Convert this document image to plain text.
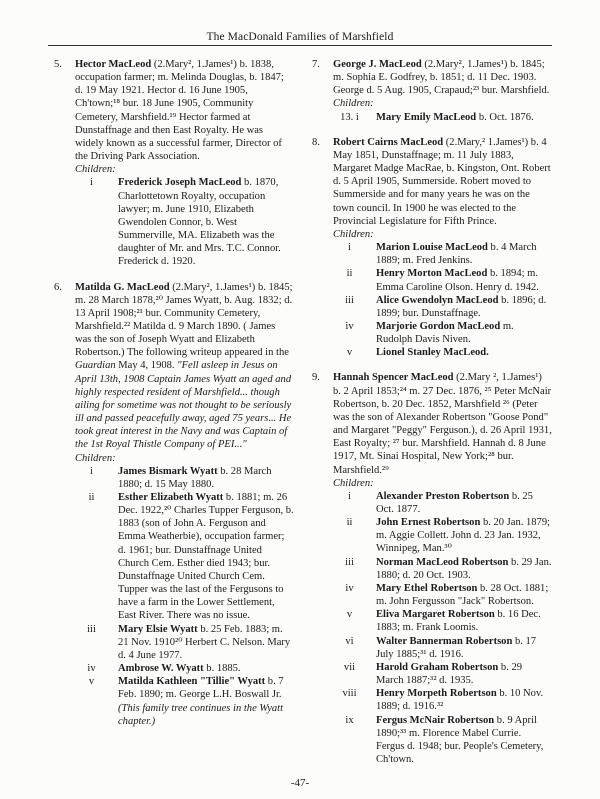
The MacDonald Families of Marshfield
5. Hector MacLeod (2.Mary², 1.James¹) b. 1838, occupation farmer; m. Melinda Douglas, b. 1847; d. 19 May 1921. Hector d. 16 June 1905, Ch'town;¹⁸ bur. 18 June 1905, Community Cemetery, Marshfield.¹⁹ Hector farmed at Dunstaffnage and then East Royalty. He was widely known as a successful farmer, Director of the Driving Park Association.

Children:

i	Frederick Joseph MacLeod b. 1870, Charlottetown Royalty, occupation lawyer; m. June 1910, Elizabeth Gwendolen Connor, b. West Summerville, MA. Elizabeth was the daughter of Mr. and Mrs. T.C. Connor. Frederick d. 1920.
6. Matilda G. MacLeod (2.Mary², 1.James¹) b. 1845; m. 28 March 1878,²⁰ James Wyatt, b. Aug. 1832; d. 13 April 1908;²¹ bur. Community Cemetery, Marshfield.²² Matilda d. 9 March 1890. ( James was the son of Joseph Wyatt and Elizabeth Robertson.) The following writeup appeared in the Guardian May 4, 1908. "Fell asleep in Jesus on April 13th, 1908 Captain James Wyatt an aged and highly respected resident of Marshfield... though ailing for sometime was not thought to be seriously ill and passed peacefully away, aged 75 years... He took great interest in the Navy and was Captain of the 1st Royal Thistle Company of PEI..."

Children:

i	James Bismark Wyatt b. 28 March 1880; d. 15 May 1880.
ii	Esther Elizabeth Wyatt b. 1881; m. 26 Dec. 1922,²⁰ Charles Tupper Ferguson, b. 1883 (son of John A. Ferguson and Emma Weatherbie), occupation farmer; d. 1961; bur. Dunstaffnage United Church Cem. Esther died 1943; bur. Dunstaffnage United Church Cem. Tupper was the last of the Fergusons to have a farm in the Lower Settlement, East River. There was no issue.
iii	Mary Elsie Wyatt b. 25 Feb. 1883; m. 21 Nov. 1910²⁰ Herbert C. Nelson. Mary d. 4 June 1977.
iv	Ambrose W. Wyatt b. 1885.
v	Matilda Kathleen "Tillie" Wyatt b. 7 Feb. 1890; m. George L.H. Boswall Jr. (This family tree continues in the Wyatt chapter.)
7. George J. MacLeod (2.Mary², 1.James¹) b. 1845; m. Sophia E. Godfrey, b. 1851; d. 11 Dec. 1903. George d. 5 Aug. 1905, Crapaud;²³ bur. Marshfield.

Children:

13. i	Mary Emily MacLeod b. Oct. 1876.
8. Robert Cairns MacLeod (2.Mary,² 1.James¹) b. 4 May 1851, Dunstaffnage; m. 11 July 1883, Margaret Madge MacRae, b. Kingston, Ont. Robert d. 5 April 1905, Summerside. Robert moved to Summerside and for many years he was on the town council. In 1900 he was elected to the Provincial Legislature for Fifth Prince.

Children:

i	Marion Louise MacLeod b. 4 March 1889; m. Fred Jenkins.
ii	Henry Morton MacLeod b. 1894; m. Emma Caroline Olson. Henry d. 1942.
iii	Alice Gwendolyn MacLeod b. 1896; d. 1899; bur. Dunstaffnage.
iv	Marjorie Gordon MacLeod m. Rudolph Davis Niven.
v	Lionel Stanley MacLeod.
9. Hannah Spencer MacLeod (2.Mary ², 1.James¹) b. 2 April 1853;²⁴ m. 27 Dec. 1876, ²⁵ Peter McNair Robertson, b. 20 Dec. 1852, Marshfield ²⁶ (Peter was the son of Alexander Robertson "Goose Pond" and Margaret "Peggy" Ferguson.), d. 26 April 1931, East Royalty; ²⁷ bur. Marshfield. Hannah d. 8 June 1917, Mt. Sinai Hospital, New York;²⁸ bur. Marshfield.²⁹

Children:

i	Alexander Preston Robertson b. 25 Oct. 1877.
ii	John Ernest Robertson b. 20 Jan. 1879; m. Aggie Collett. John d. 23 Jan. 1932, Winnipeg, Man.³⁰
iii	Norman MacLeod Robertson b. 29 Jan. 1880; d. 20 Oct. 1903.
iv	Mary Ethel Robertson b. 28 Oct. 1881; m. John Fergusson "Jack" Robertson.
v	Eliva Margaret Robertson b. 16 Dec. 1883; m. Frank Loomis.
vi	Walter Bannerman Robertson b. 17 July 1885;³¹ d. 1916.
vii	Harold Graham Robertson b. 29 March 1887;³² d. 1935.
viii	Henry Morpeth Robertson b. 10 Nov. 1889; d. 1916.³²
ix	Fergus McNair Robertson b. 9 April 1890;³³ m. Florence Mabel Currie. Fergus d. 1948; bur. People's Cemetery, Ch'town.
-47-
